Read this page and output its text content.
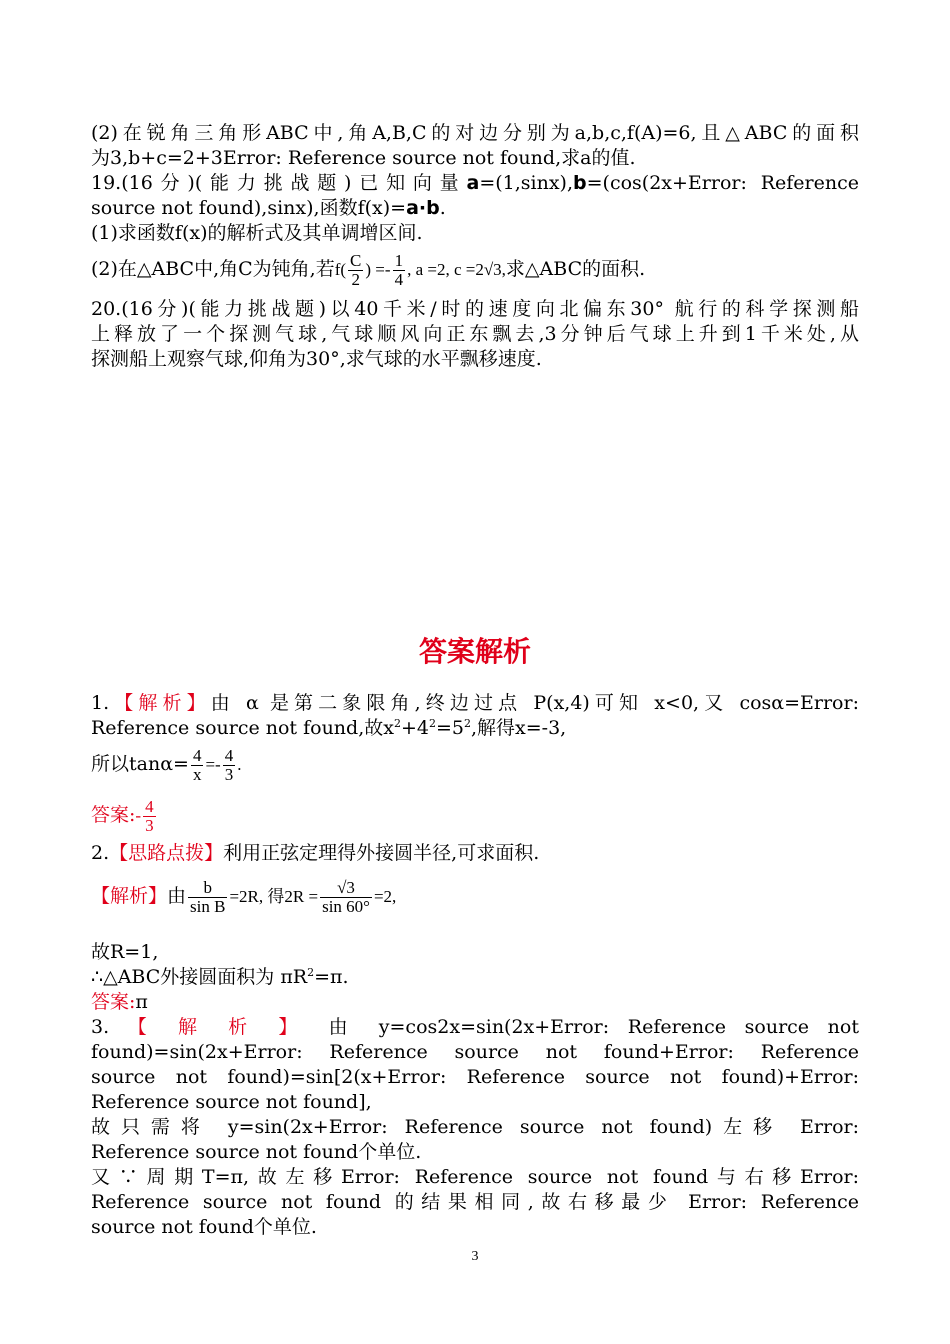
(2)在锐角三角形ABC中,角A,B,C的对边分别为a,b,c,f(A)=6,且△ABC的面积
为3,b+c=2+3Error: Reference source not found,求a的值.
19.(16分)(能力挑战题)已知向量a=(1,sinx),b=(cos(2x+Error: Reference
source not found),sinx),函数f(x)=a·b.
(1)求函数f(x)的解析式及其单调增区间.
(2)在△ABC中,角C为钝角,若$f( \frac{C}{2}$ ) =- $\frac{1}{4}$ , a =2, c =2√3,求△ABC的面积.
20.(16分)(能力挑战题)以40千米/时的速度向北偏东30° 航行的科学探测船
上释放了一个探测气球,气球顺风向正东飘去,3分钟后气球上升到1千米处,从
探测船上观察气球,仰角为30°,求气球的水平飘移速度.
答案解析
1.【解析】由 α 是第二象限角,终边过点 P(x,4)可知 x<0,又 cosα=Error:
Reference source not found,故$x^2+4^2=5^2$,解得x=-3,
所以$\tan\alpha= \frac{4}{x} =- \frac{4}{3}$ .
答案:- $\frac{4}{3}$
2.【思路点拨】利用正弦定理得外接圆半径,可求面积.
【解析】由 $\frac{b}{\text{sin B}} =2R$, 得$2R = \frac{√3}{\sin 60^\circ} =2$,
故R=1,
∴△ABC外接圆面积为 $\pi R^2=\pi$.
答案:π
3. 【 解 析 】 由 y=cos2x=sin(2x+Error: Reference source not
found)=sin(2x+Error: Reference source not found+Error: Reference
source not found)=sin[2(x+Error: Reference source not found)+Error:
Reference source not found],
故只需将 y=sin(2x+Error: Reference source not found)左移 Error:
Reference source not found个单位.
又∵周期T=π,故左移Error: Reference source not found与右移Error:
Reference source not found 的结果相同,故右移最少 Error: Reference
source not found个单位.
3
